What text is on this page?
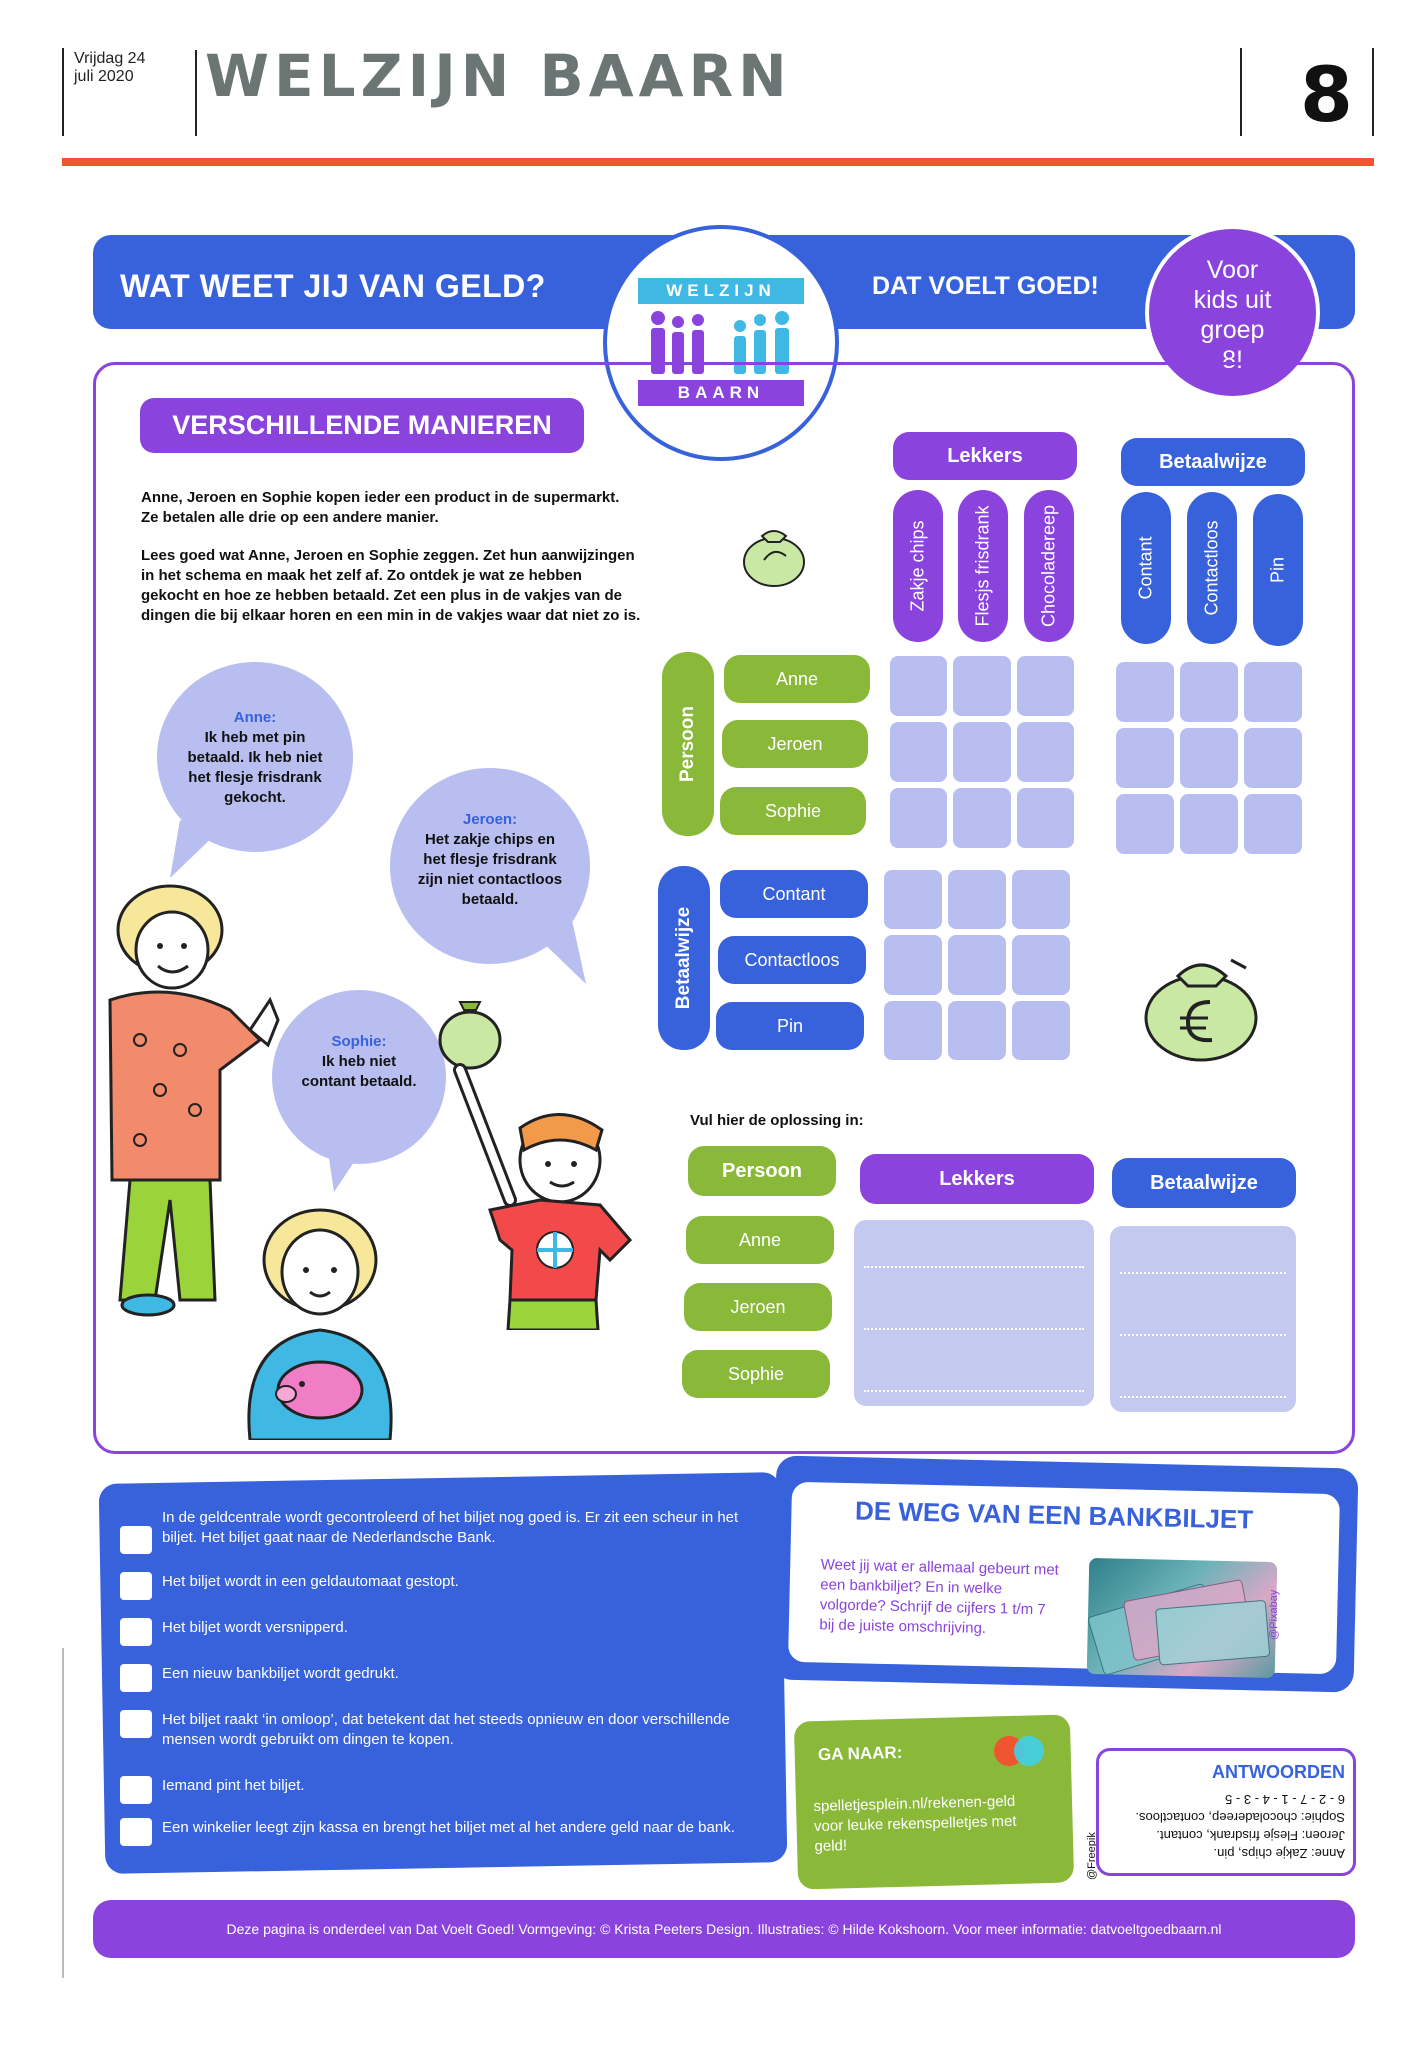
Vrijdag 24
juli 2020 WELZIJN BAARN	8
WAT WEET JIJ VAN GELD?	DAT VOELT GOED!
WELZIJN
BAARN
Voor
kids uit
groep
8!
VERSCHILLENDE MANIEREN

Anne, Jeroen en Sophie kopen ieder een product in de supermarkt. Ze betalen alle drie op een andere manier.

Lees goed wat Anne, Jeroen en Sophie zeggen. Zet hun aanwijzingen in het schema en maak het zelf af. Zo ontdek je wat ze hebben gekocht en hoe ze hebben betaald. Zet een plus in de vakjes van de dingen die bij elkaar horen en een min in de vakjes waar dat niet zo is.

Anne:
Ik heb met pin betaald. Ik heb niet het flesje frisdrank gekocht.
Jeroen:
Het zakje chips en het flesje frisdrank zijn niet contactloos betaald.
Sophie:
Ik heb niet contant betaald.
Lekkers	Betaalwijze
Zakje chips	Flesjs frisdrank	Chocoladereep	Contant	Contactloos	Pin
Persoon
Anne
Jeroen
Sophie
Betaalwijze
Contant
Contactloos
Pin
Vul hier de oplossing in:
Persoon	Lekkers	Betaalwijze
Anne
Jeroen
Sophie
In de geldcentrale wordt gecontroleerd of het biljet nog goed is. Er zit een scheur in het biljet. Het biljet gaat naar de Nederlandsche Bank.
Het biljet wordt in een geldautomaat gestopt.
Het biljet wordt versnipperd.
Een nieuw bankbiljet wordt gedrukt.
Het biljet raakt ‘in omloop’, dat betekent dat het steeds opnieuw en door verschillende mensen wordt gebruikt om dingen te kopen.
Iemand pint het biljet.
Een winkelier leegt zijn kassa en brengt het biljet met al het andere geld naar de bank.
DE WEG VAN EEN BANKBILJET
Weet jij wat er allemaal gebeurt met een bankbiljet? En in welke volgorde? Schrijf de cijfers 1 t/m 7 bij de juiste omschrijving.	@Pixabay
GA NAAR:
spelletjesplein.nl/rekenen-geld voor leuke rekenspelletjes met geld!	@Freepik
ANTWOORDEN
Anne: Zakje chips, pin.
Jeroen: Flesje frisdrank, contant.
Sophie: chocoladereep, contactloos.
6 - 2 - 7 - 1 - 4 - 3 - 5
Deze pagina is onderdeel van Dat Voelt Goed! Vormgeving: © Krista Peeters Design. Illustraties: © Hilde Kokshoorn. Voor meer informatie: datvoeltgoedbaarn.nl
